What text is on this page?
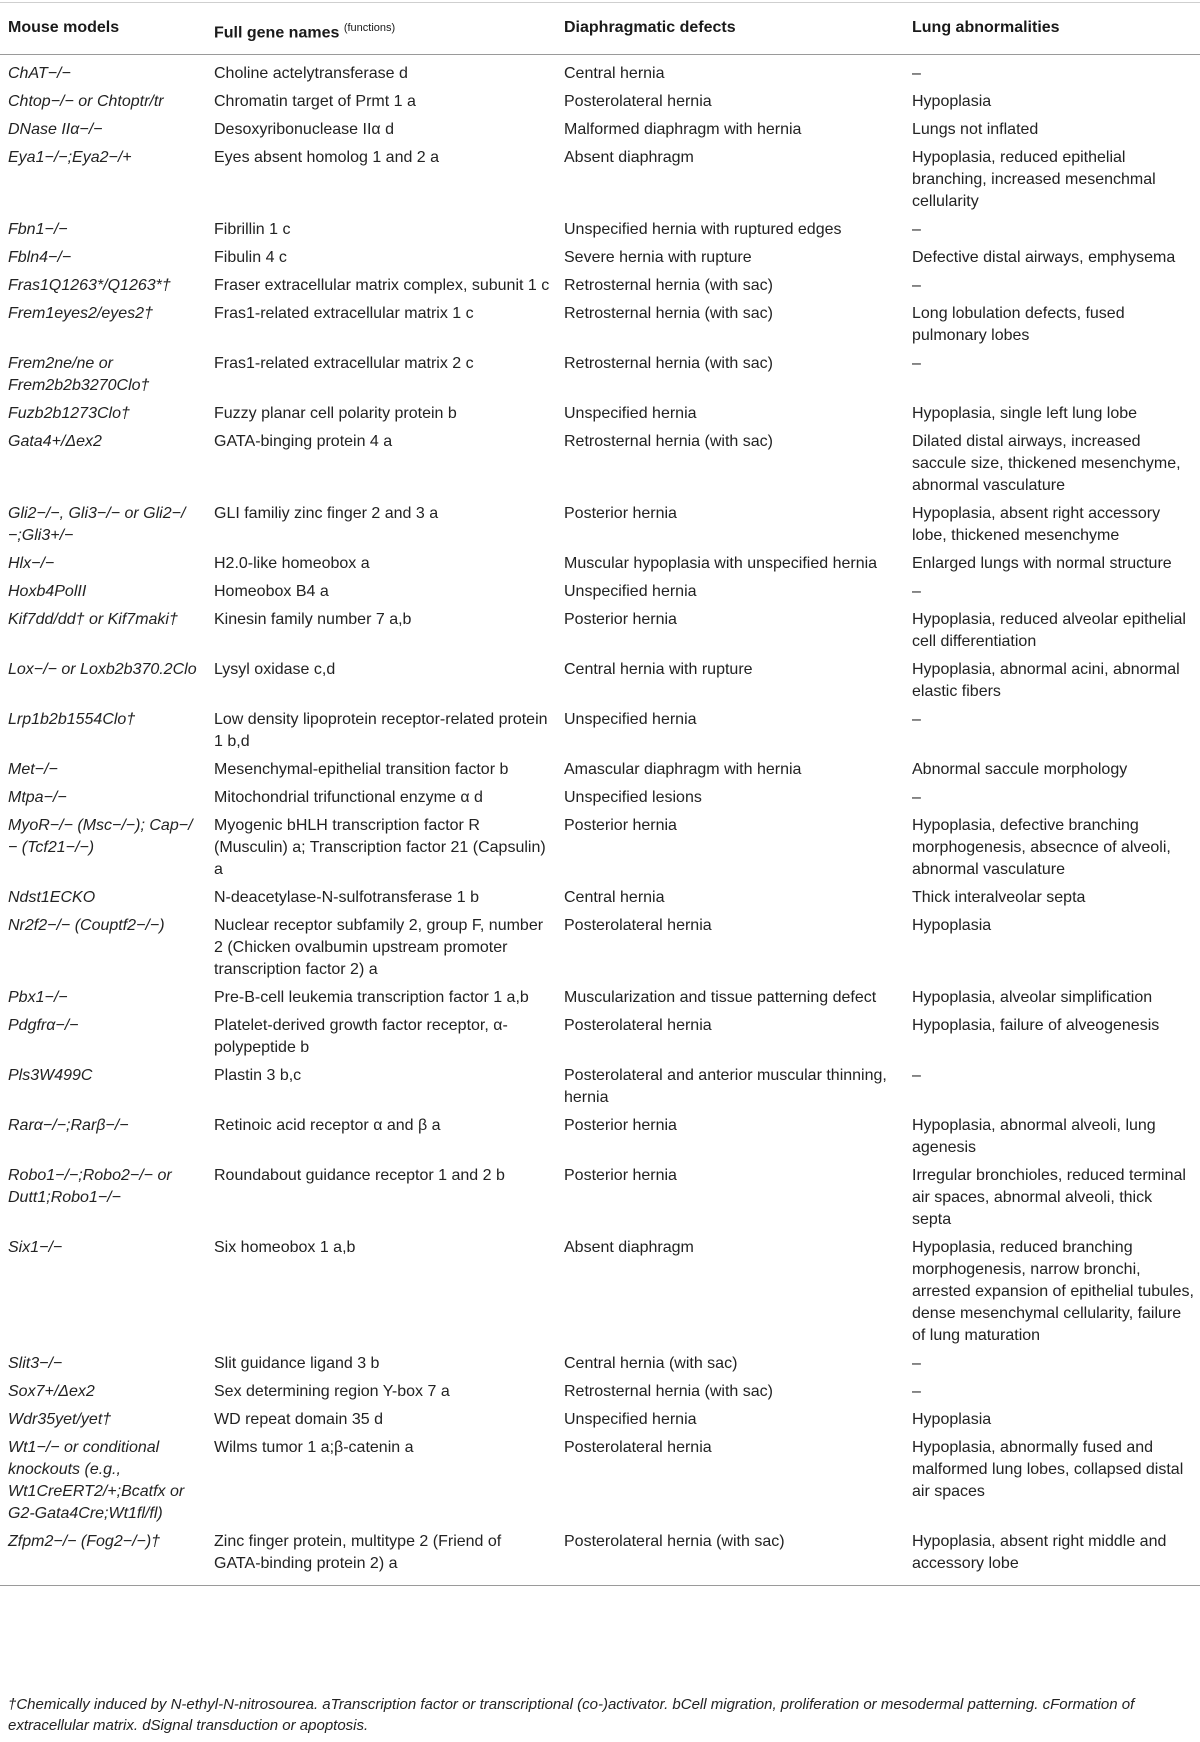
Mouse models	Full gene names $^{(functions)}$	Diaphragmatic defects	Lung abnormalities
ChAT−/−	Choline actelytransferase d	Central hernia	–
Chtop−/− or Chtoptr/tr	Chromatin target of Prmt 1 a	Posterolateral hernia	Hypoplasia
DNase IIα−/−	Desoxyribonuclease IIα d	Malformed diaphragm with hernia	Lungs not inflated
Eya1−/−;Eya2−/+	Eyes absent homolog 1 and 2 a	Absent diaphragm	Hypoplasia, reduced epithelial branching, increased mesenchmal cellularity
Fbn1−/−	Fibrillin 1 c	Unspecified hernia with ruptured edges	–
Fbln4−/−	Fibulin 4 c	Severe hernia with rupture	Defective distal airways, emphysema
Fras1Q1263*/Q1263*†	Fraser extracellular matrix complex, subunit 1 c	Retrosternal hernia (with sac)	–
Frem1eyes2/eyes2†	Fras1-related extracellular matrix 1 c	Retrosternal hernia (with sac)	Long lobulation defects, fused pulmonary lobes
Frem2ne/ne or Frem2b2b3270Clo†	Fras1-related extracellular matrix 2 c	Retrosternal hernia (with sac)	–
Fuzb2b1273Clo†	Fuzzy planar cell polarity protein b	Unspecified hernia	Hypoplasia, single left lung lobe
Gata4+/Δex2	GATA-binging protein 4 a	Retrosternal hernia (with sac)	Dilated distal airways, increased saccule size, thickened mesenchyme, abnormal vasculature
Gli2−/−, Gli3−/− or Gli2−/−;Gli3+/−	GLI familiy zinc finger 2 and 3 a	Posterior hernia	Hypoplasia, absent right accessory lobe, thickened mesenchyme
Hlx−/−	H2.0-like homeobox a	Muscular hypoplasia with unspecified hernia	Enlarged lungs with normal structure
Hoxb4PolII	Homeobox B4 a	Unspecified hernia	–
Kif7dd/dd† or Kif7maki†	Kinesin family number 7 a,b	Posterior hernia	Hypoplasia, reduced alveolar epithelial cell differentiation
Lox−/− or Loxb2b370.2Clo	Lysyl oxidase c,d	Central hernia with rupture	Hypoplasia, abnormal acini, abnormal elastic fibers
Lrp1b2b1554Clo†	Low density lipoprotein receptor-related protein 1 b,d	Unspecified hernia	–
Met−/−	Mesenchymal-epithelial transition factor b	Amascular diaphragm with hernia	Abnormal saccule morphology
Mtpa−/−	Mitochondrial trifunctional enzyme α d	Unspecified lesions	–
MyoR−/− (Msc−/−); Cap−/− (Tcf21−/−)	Myogenic bHLH transcription factor R (Musculin) a; Transcription factor 21 (Capsulin) a	Posterior hernia	Hypoplasia, defective branching morphogenesis, absecnce of alveoli, abnormal vasculature
Ndst1ECKO	N-deacetylase-N-sulfotransferase 1 b	Central hernia	Thick interalveolar septa
Nr2f2−/− (Couptf2−/−)	Nuclear receptor subfamily 2, group F, number 2 (Chicken ovalbumin upstream promoter transcription factor 2) a	Posterolateral hernia	Hypoplasia
Pbx1−/−	Pre-B-cell leukemia transcription factor 1 a,b	Muscularization and tissue patterning defect	Hypoplasia, alveolar simplification
Pdgfrα−/−	Platelet-derived growth factor receptor, α-polypeptide b	Posterolateral hernia	Hypoplasia, failure of alveogenesis
Pls3W499C	Plastin 3 b,c	Posterolateral and anterior muscular thinning, hernia	–
Rarα−/−;Rarβ−/−	Retinoic acid receptor α and β a	Posterior hernia	Hypoplasia, abnormal alveoli, lung agenesis
Robo1−/−;Robo2−/− or Dutt1;Robo1−/−	Roundabout guidance receptor 1 and 2 b	Posterior hernia	Irregular bronchioles, reduced terminal air spaces, abnormal alveoli, thick septa
Six1−/−	Six homeobox 1 a,b	Absent diaphragm	Hypoplasia, reduced branching morphogenesis, narrow bronchi, arrested expansion of epithelial tubules, dense mesenchymal cellularity, failure of lung maturation
Slit3−/−	Slit guidance ligand 3 b	Central hernia (with sac)	–
Sox7+/Δex2	Sex determining region Y-box 7 a	Retrosternal hernia (with sac)	–
Wdr35yet/yet†	WD repeat domain 35 d	Unspecified hernia	Hypoplasia
Wt1−/− or conditional knockouts (e.g., Wt1CreERT2/+;Bcatfx or G2-Gata4Cre;Wt1fl/fl)	Wilms tumor 1 a;β-catenin a	Posterolateral hernia	Hypoplasia, abnormally fused and malformed lung lobes, collapsed distal air spaces
Zfpm2−/− (Fog2−/−)†	Zinc finger protein, multitype 2 (Friend of GATA-binding protein 2) a	Posterolateral hernia (with sac)	Hypoplasia, absent right middle and accessory lobe
†Chemically induced by N-ethyl-N-nitrosourea. aTranscription factor or transcriptional (co-)activator. bCell migration, proliferation or mesodermal patterning. cFormation of extracellular matrix. dSignal transduction or apoptosis.
